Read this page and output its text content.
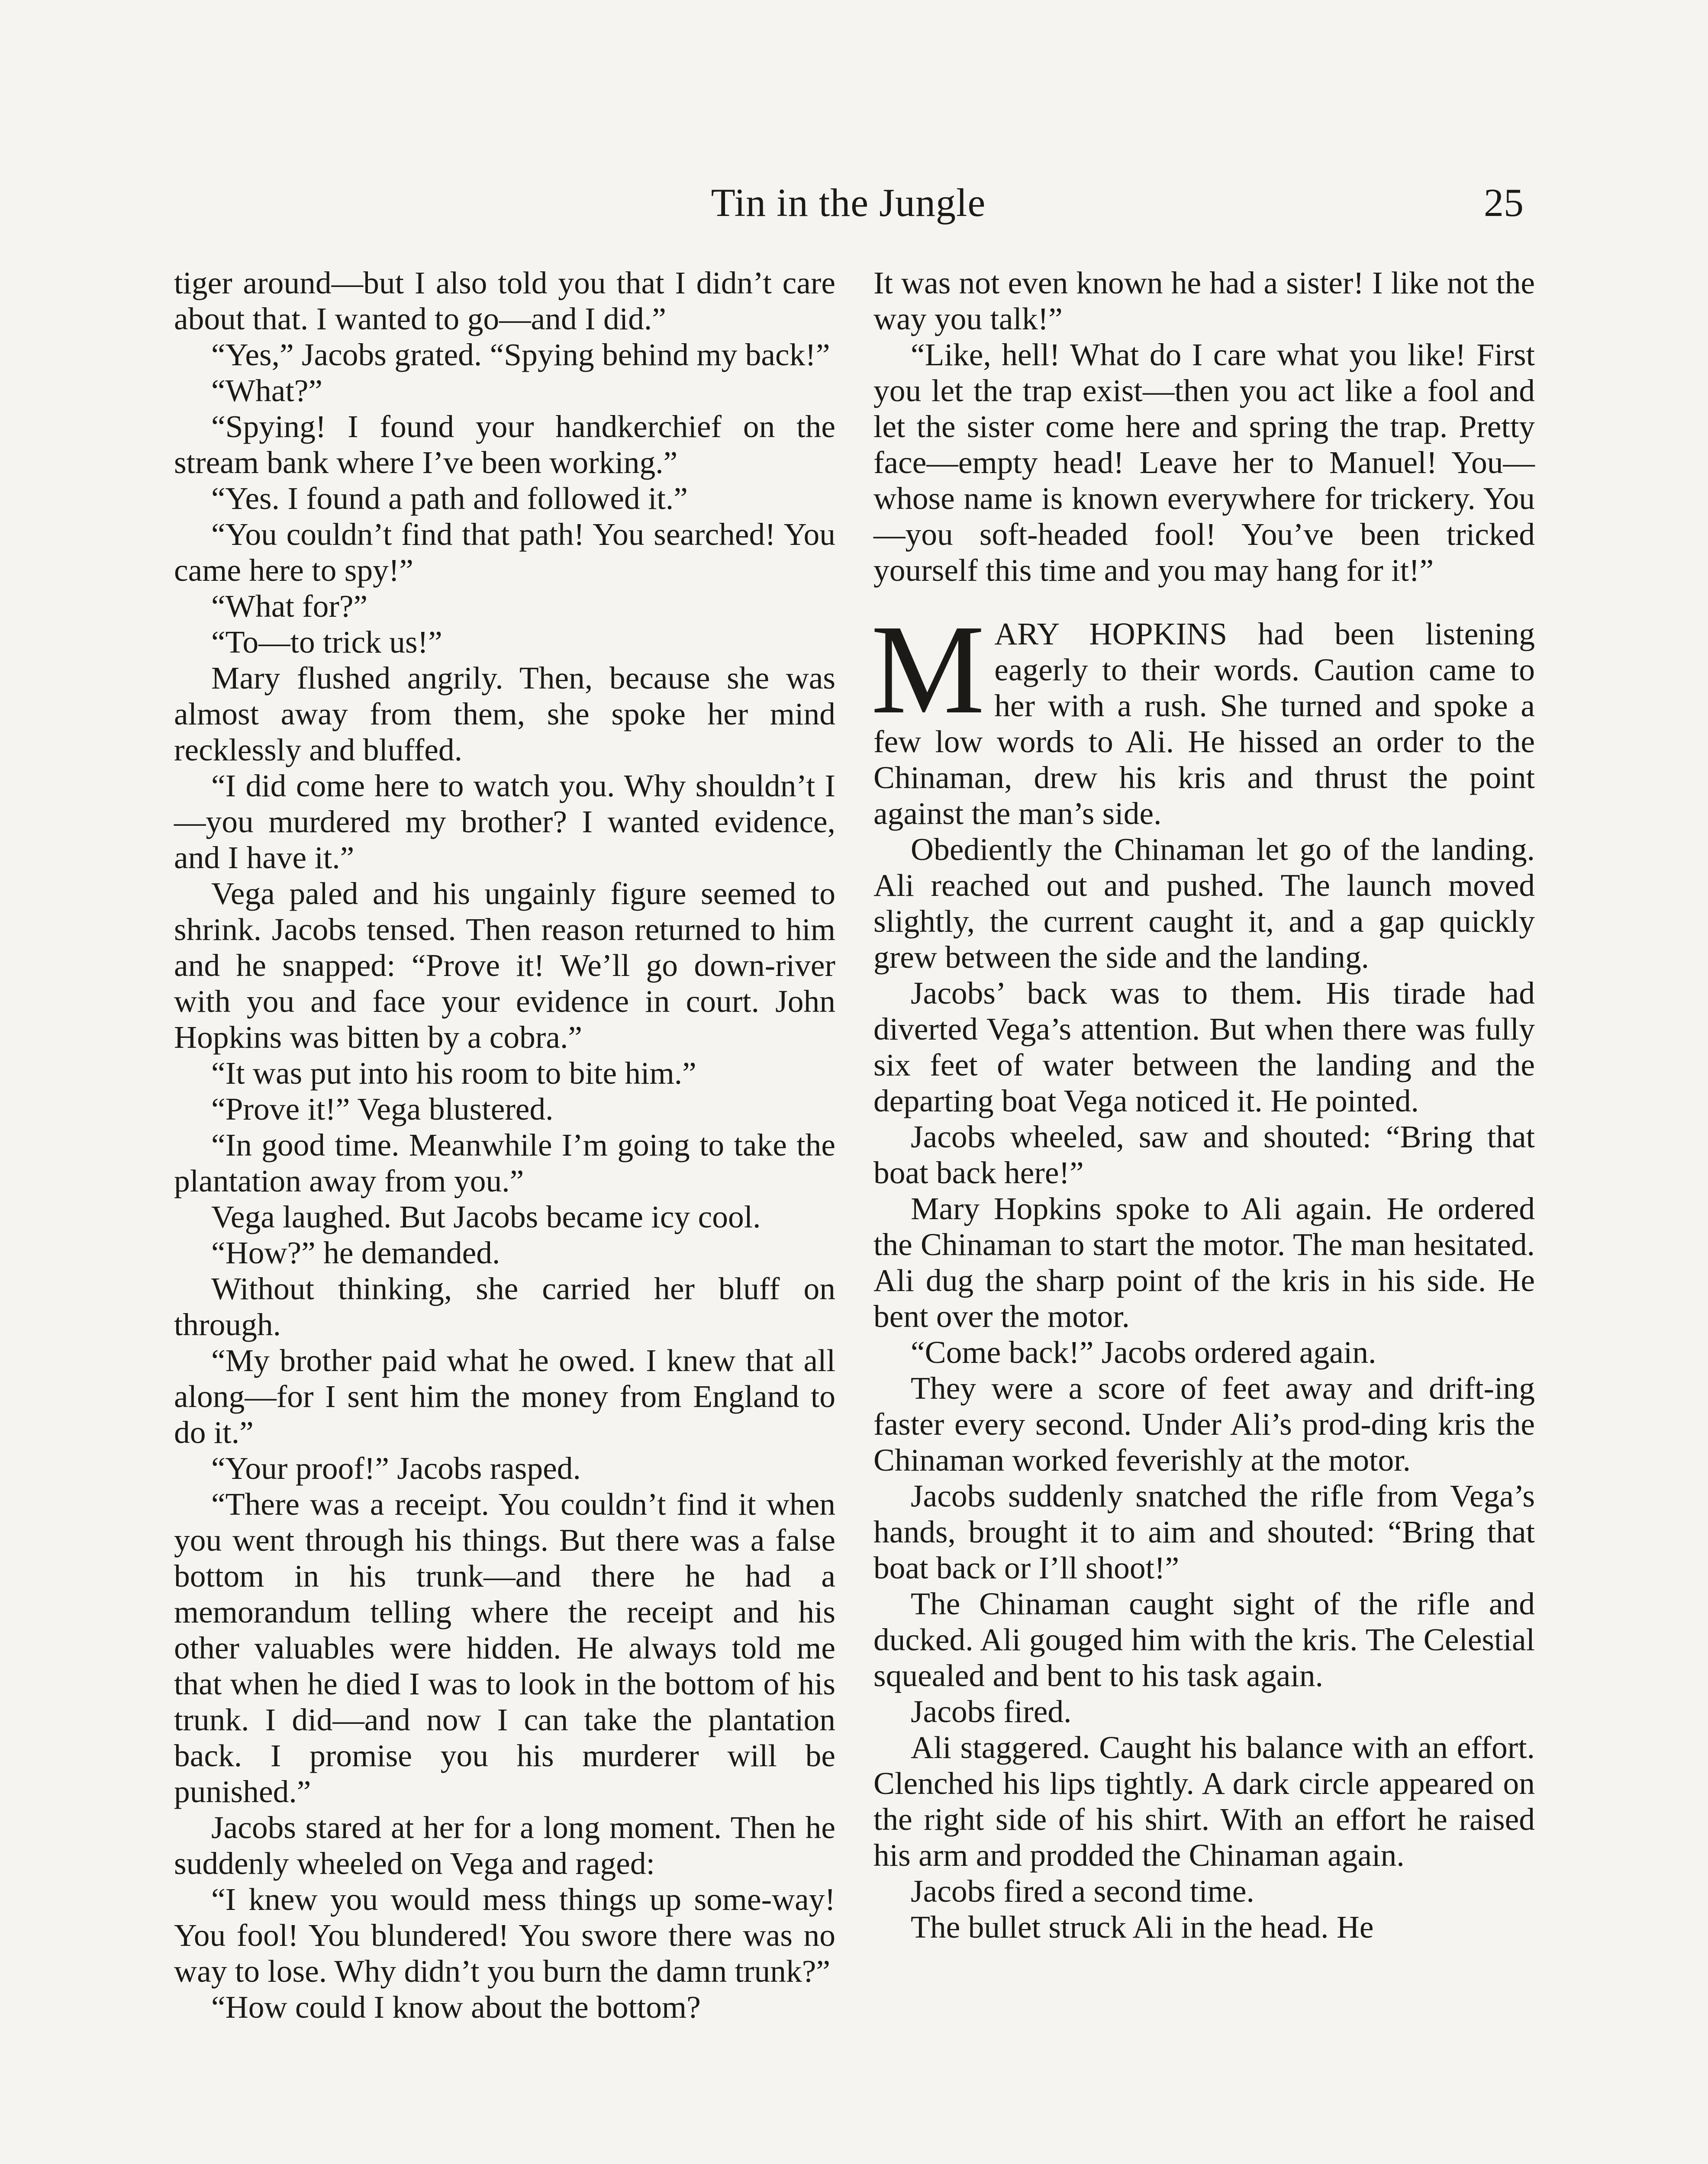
Tin in the Jungle	25

tiger around—but I also told you that I didn’t care about that. I wanted to go—and I did.”

“Yes,” Jacobs grated. “Spying behind my back!”

“What?”

“Spying! I found your handkerchief on the stream bank where I’ve been working.”

“Yes. I found a path and followed it.”

“You couldn’t find that path! You searched! You came here to spy!”

“What for?”

“To—to trick us!”

Mary flushed angrily. Then, because she was almost away from them, she spoke her mind recklessly and bluffed.

“I did come here to watch you. Why shouldn’t I—you murdered my brother? I wanted evidence, and I have it.”

Vega paled and his ungainly figure seemed to shrink. Jacobs tensed. Then reason returned to him and he snapped: “Prove it! We’ll go down-river with you and face your evidence in court. John Hopkins was bitten by a cobra.”

“It was put into his room to bite him.”

“Prove it!” Vega blustered.

“In good time. Meanwhile I’m going to take the plantation away from you.”

Vega laughed. But Jacobs became icy cool.

“How?” he demanded.

Without thinking, she carried her bluff on through.

“My brother paid what he owed. I knew that all along—for I sent him the money from England to do it.”

“Your proof!” Jacobs rasped.

“There was a receipt. You couldn’t find it when you went through his things. But there was a false bottom in his trunk—and there he had a memorandum telling where the receipt and his other valuables were hidden. He always told me that when he died I was to look in the bottom of his trunk. I did—and now I can take the plantation back. I promise you his murderer will be punished.”

Jacobs stared at her for a long moment. Then he suddenly wheeled on Vega and raged:

“I knew you would mess things up some-way! You fool! You blundered! You swore there was no way to lose. Why didn’t you burn the damn trunk?”

“How could I know about the bottom?

It was not even known he had a sister! I like not the way you talk!”

“Like, hell! What do I care what you like! First you let the trap exist—then you act like a fool and let the sister come here and spring the trap. Pretty face—empty head! Leave her to Manuel! You—whose name is known everywhere for trickery. You—you soft-headed fool! You’ve been tricked yourself this time and you may hang for it!”

MARY HOPKINS had been listening eagerly to their words. Caution came to her with a rush. She turned and spoke a few low words to Ali. He hissed an order to the Chinaman, drew his kris and thrust the point against the man’s side.

Obediently the Chinaman let go of the landing. Ali reached out and pushed. The launch moved slightly, the current caught it, and a gap quickly grew between the side and the landing.

Jacobs’ back was to them. His tirade had diverted Vega’s attention. But when there was fully six feet of water between the landing and the departing boat Vega noticed it. He pointed.

Jacobs wheeled, saw and shouted: “Bring that boat back here!”

Mary Hopkins spoke to Ali again. He ordered the Chinaman to start the motor. The man hesitated. Ali dug the sharp point of the kris in his side. He bent over the motor.

“Come back!” Jacobs ordered again.

They were a score of feet away and drift-ing faster every second. Under Ali’s prod-ding kris the Chinaman worked feverishly at the motor.

Jacobs suddenly snatched the rifle from Vega’s hands, brought it to aim and shouted: “Bring that boat back or I’ll shoot!”

The Chinaman caught sight of the rifle and ducked. Ali gouged him with the kris. The Celestial squealed and bent to his task again.

Jacobs fired.

Ali staggered. Caught his balance with an effort. Clenched his lips tightly. A dark circle appeared on the right side of his shirt. With an effort he raised his arm and prodded the Chinaman again.

Jacobs fired a second time.

The bullet struck Ali in the head. He
